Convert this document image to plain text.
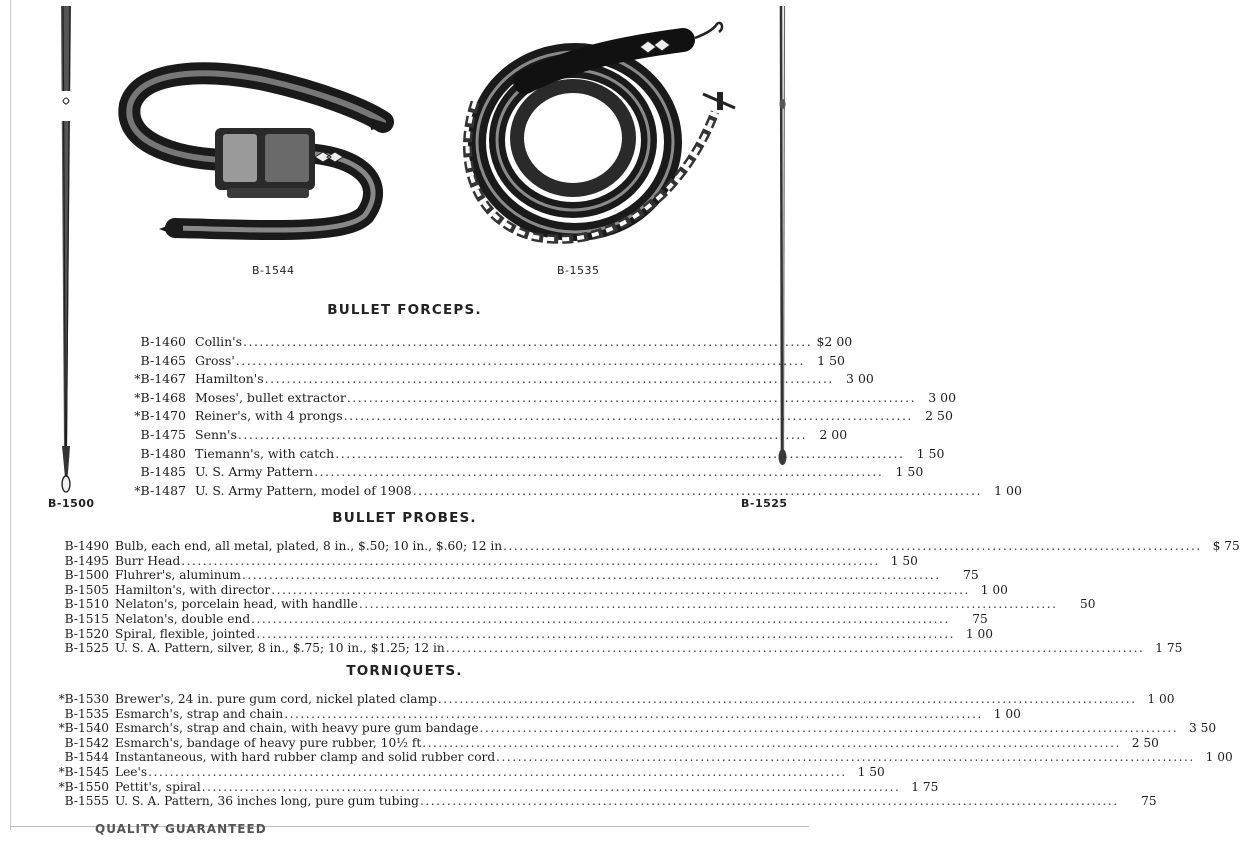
B-1500	B-1525
B-1544	B-1535
BULLET FORCEPS.
B-1460 Collin's ........................................................................................................ $2 00
B-1465 Gross' ........................................................................................................ 1 50
*B-1467 Hamilton's ........................................................................................................ 3 00
*B-1468 Moses', bullet extractor ........................................................................................................ 3 00
*B-1470 Reiner's, with 4 prongs ........................................................................................................ 2 50
B-1475 Senn's ........................................................................................................ 2 00
B-1480 Tiemann's, with catch ........................................................................................................ 1 50
B-1485 U. S. Army Pattern ........................................................................................................ 1 50
*B-1487 U. S. Army Pattern, model of 1908 ........................................................................................................ 1 00
BULLET PROBES.
B-1490 Bulb, each end, all metal, plated, 8 in., $.50; 10 in., $.60; 12 in .................................................................................................................................. $ 75
B-1495 Burr Head .................................................................................................................................. 1 50
B-1500 Fluhrer's, aluminum ..................................................................................................................................	75
B-1505 Hamilton's, with director .................................................................................................................................. 1 00
B-1510 Nelaton's, porcelain head, with handlle ..................................................................................................................................	50
B-1515 Nelaton's, double end ..................................................................................................................................	75
B-1520 Spiral, flexible, jointed .................................................................................................................................. 1 00
B-1525 U. S. A. Pattern, silver, 8 in., $.75; 10 in., $1.25; 12 in .................................................................................................................................. 1 75
TORNIQUETS.
*B-1530 Brewer's, 24 in. pure gum cord, nickel plated clamp .................................................................................................................................. 1 00
B-1535 Esmarch's, strap and chain .................................................................................................................................. 1 00
*B-1540 Esmarch's, strap and chain, with heavy pure gum bandage .................................................................................................................................. 3 50
B-1542 Esmarch's, bandage of heavy pure rubber, 10½ ft .................................................................................................................................. 2 50
B-1544 Instantaneous, with hard rubber clamp and solid rubber cord .................................................................................................................................. 1 00
*B-1545 Lee's .................................................................................................................................. 1 50
*B-1550 Pettit's, spiral .................................................................................................................................. 1 75
B-1555 U. S. A. Pattern, 36 inches long, pure gum tubing ..................................................................................................................................	75
QUALITY GUARANTEED
